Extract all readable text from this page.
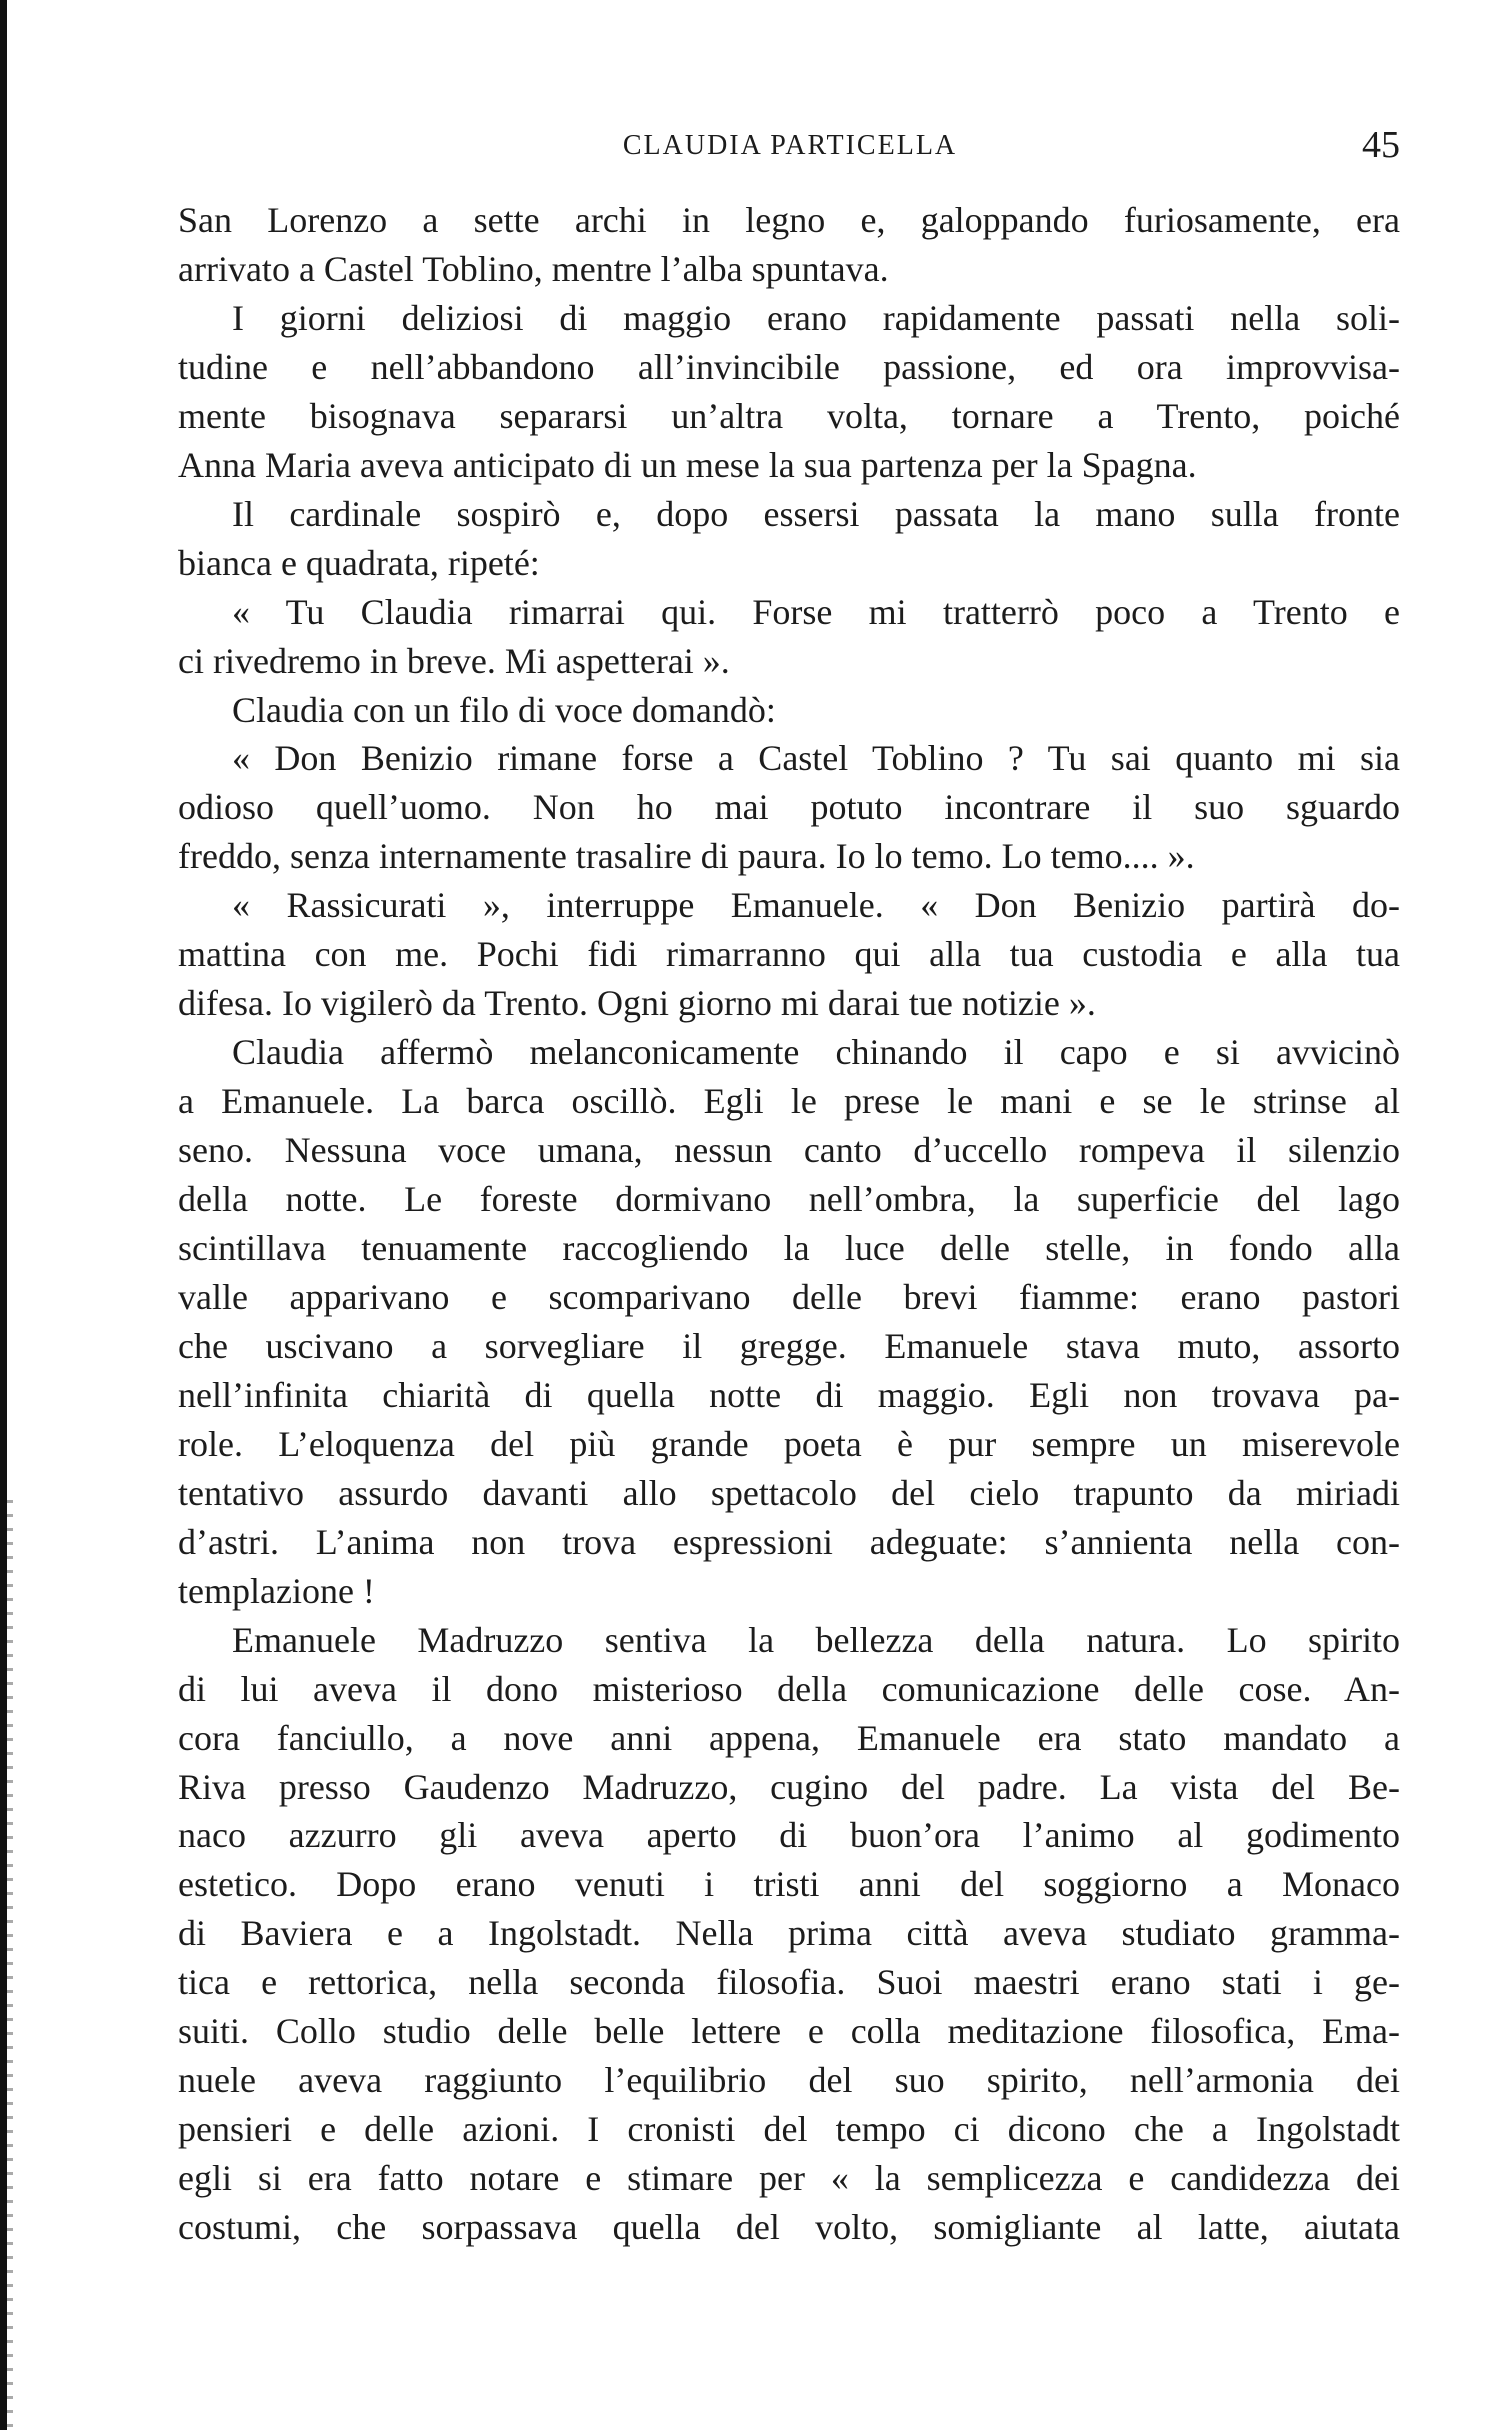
CLAUDIA PARTICELLA	45
San Lorenzo a sette archi in legno e, galoppando furiosamente, era
arrivato a Castel Toblino, mentre l’alba spuntava.
I giorni deliziosi di maggio erano rapidamente passati nella soli-
tudine e nell’abbandono all’invincibile passione, ed ora improvvisa-
mente bisognava separarsi un’altra volta, tornare a Trento, poiché
Anna Maria aveva anticipato di un mese la sua partenza per la Spagna.
Il cardinale sospirò e, dopo essersi passata la mano sulla fronte
bianca e quadrata, ripeté:
« Tu Claudia rimarrai qui. Forse mi tratterrò poco a Trento e
ci rivedremo in breve. Mi aspetterai ».
Claudia con un filo di voce domandò:
« Don Benizio rimane forse a Castel Toblino ? Tu sai quanto mi sia
odioso quell’uomo. Non ho mai potuto incontrare il suo sguardo
freddo, senza internamente trasalire di paura. Io lo temo. Lo temo.... ».
« Rassicurati », interruppe Emanuele. « Don Benizio partirà do-
mattina con me. Pochi fidi rimarranno qui alla tua custodia e alla tua
difesa. Io vigilerò da Trento. Ogni giorno mi darai tue notizie ».
Claudia affermò melanconicamente chinando il capo e si avvicinò
a Emanuele. La barca oscillò. Egli le prese le mani e se le strinse al
seno. Nessuna voce umana, nessun canto d’uccello rompeva il silenzio
della notte. Le foreste dormivano nell’ombra, la superficie del lago
scintillava tenuamente raccogliendo la luce delle stelle, in fondo alla
valle apparivano e scomparivano delle brevi fiamme: erano pastori
che uscivano a sorvegliare il gregge. Emanuele stava muto, assorto
nell’infinita chiarità di quella notte di maggio. Egli non trovava pa-
role. L’eloquenza del più grande poeta è pur sempre un miserevole
tentativo assurdo davanti allo spettacolo del cielo trapunto da miriadi
d’astri. L’anima non trova espressioni adeguate: s’annienta nella con-
templazione !
Emanuele Madruzzo sentiva la bellezza della natura. Lo spirito
di lui aveva il dono misterioso della comunicazione delle cose. An-
cora fanciullo, a nove anni appena, Emanuele era stato mandato a
Riva presso Gaudenzo Madruzzo, cugino del padre. La vista del Be-
naco azzurro gli aveva aperto di buon’ora l’animo al godimento
estetico. Dopo erano venuti i tristi anni del soggiorno a Monaco
di Baviera e a Ingolstadt. Nella prima città aveva studiato gramma-
tica e rettorica, nella seconda filosofia. Suoi maestri erano stati i ge-
suiti. Collo studio delle belle lettere e colla meditazione filosofica, Ema-
nuele aveva raggiunto l’equilibrio del suo spirito, nell’armonia dei
pensieri e delle azioni. I cronisti del tempo ci dicono che a Ingolstadt
egli si era fatto notare e stimare per « la semplicezza e candidezza dei
costumi, che sorpassava quella del volto, somigliante al latte, aiutata
